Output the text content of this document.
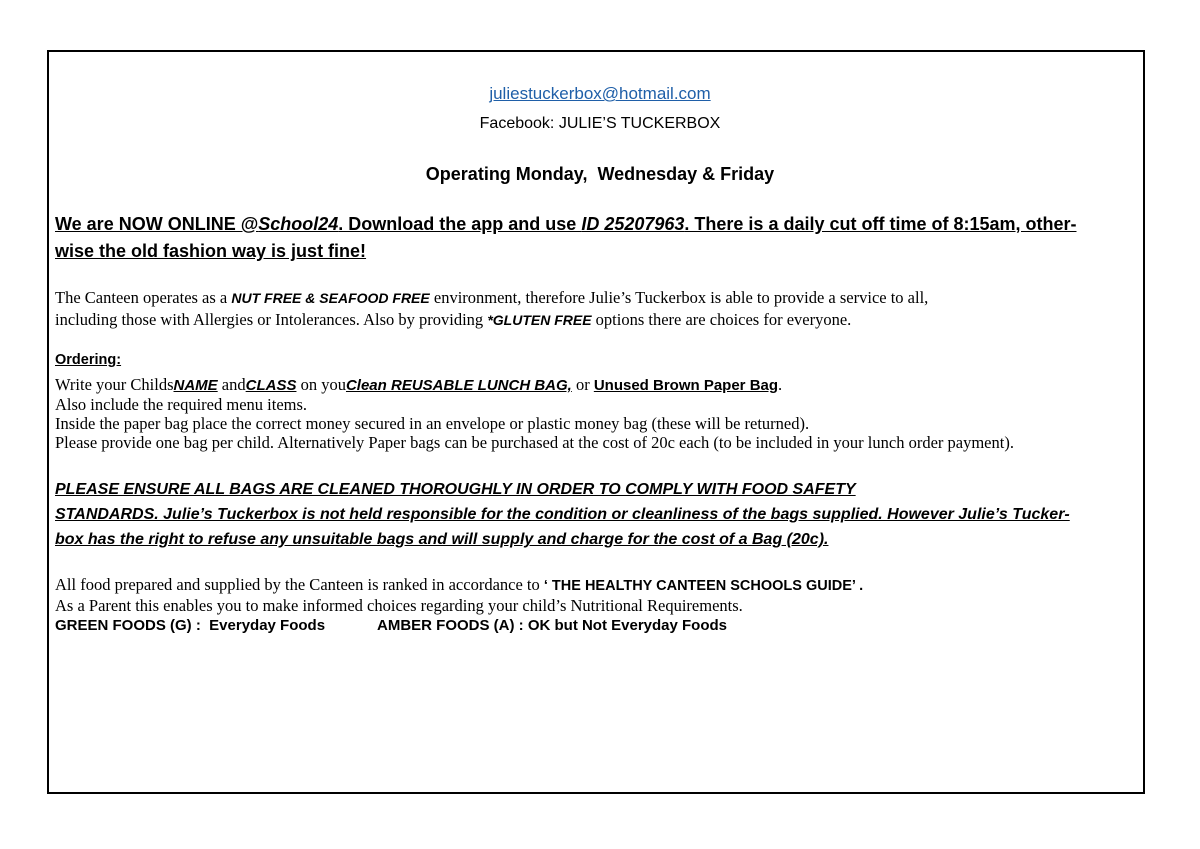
juliestuckerbox@hotmail.com
Facebook: JULIE’S TUCKERBOX
Operating Monday,  Wednesday & Friday
We are NOW ONLINE @School24. Download the app and use ID 25207963. There is a daily cut off time of 8:15am, other-
wise the old fashion way is just fine!
The Canteen operates as a NUT FREE & SEAFOOD FREE environment, therefore Julie’s Tuckerbox is able to provide a service to all,
including those with Allergies or Intolerances. Also by providing *GLUTEN FREE options there are choices for everyone.
Ordering:
Write your ChildsNAME andCLASS on youClean REUSABLE LUNCH BAG, or Unused Brown Paper Bag.
Also include the required menu items.
Inside the paper bag place the correct money secured in an envelope or plastic money bag (these will be returned).
Please provide one bag per child. Alternatively Paper bags can be purchased at the cost of 20c each (to be included in your lunch order payment).
PLEASE ENSURE ALL BAGS ARE CLEANED THOROUGHLY IN ORDER TO COMPLY WITH FOOD SAFETY
STANDARDS. Julie’s Tuckerbox is not held responsible for the condition or cleanliness of the bags supplied. However Julie’s Tucker-
box has the right to refuse any unsuitable bags and will supply and charge for the cost of a Bag (20c).
All food prepared and supplied by the Canteen is ranked in accordance to ‘ THE HEALTHY CANTEEN SCHOOLS GUIDE’ .
As a Parent this enables you to make informed choices regarding your child’s Nutritional Requirements.
GREEN FOODS (G) :  Everyday Foods	AMBER FOODS (A) : OK but Not Everyday Foods
